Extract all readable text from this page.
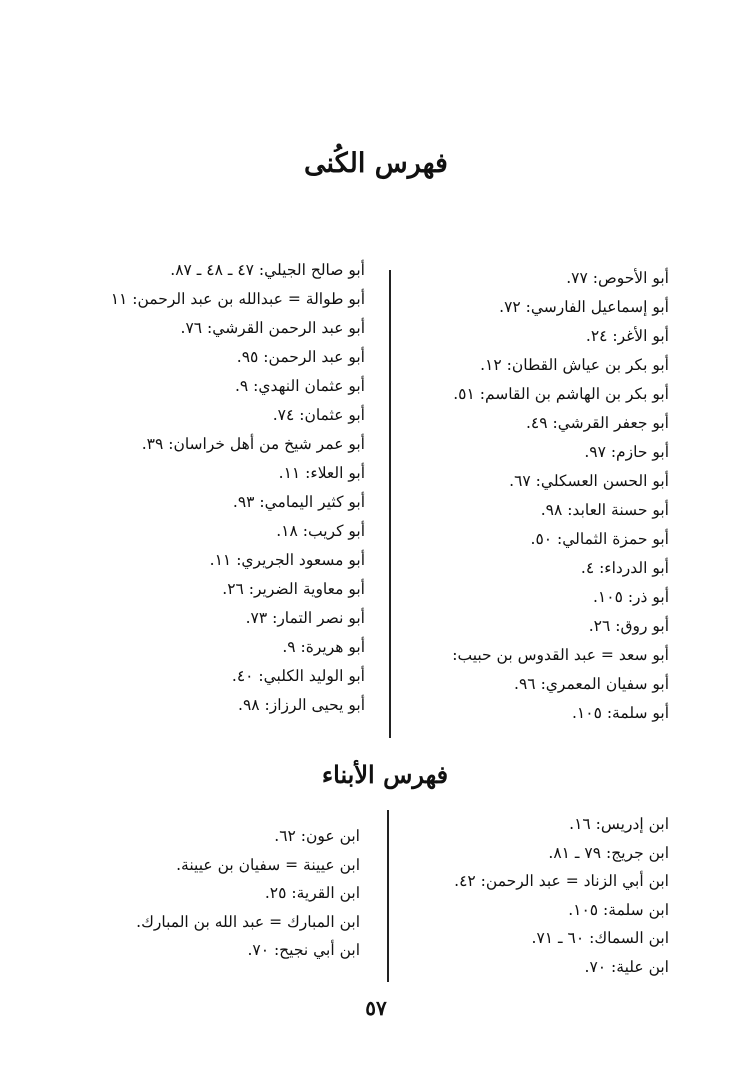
فهرس الكُنى
أبو الأحوص: ٧٧.
أبو إسماعيل الفارسي: ٧٢.
أبو الأغر: ٢٤.
أبو بكر بن عياش القطان: ١٢.
أبو بكر بن الهاشم بن القاسم: ٥١.
أبو جعفر القرشي: ٤٩.
أبو حازم: ٩٧.
أبو الحسن العسكلي: ٦٧.
أبو حسنة العابد: ٩٨.
أبو حمزة الثمالي: ٥٠.
أبو الدرداء: ٤.
أبو ذر: ١٠٥.
أبو روق: ٢٦.
أبو سعد = عبد القدوس بن حبيب:
أبو سفيان المعمري: ٩٦.
أبو سلمة: ١٠٥.
أبو صالح الجيلي: ٤٧ ـ ٤٨ ـ ٨٧.
أبو طوالة = عبدالله بن عبد الرحمن: ١١
أبو عبد الرحمن القرشي: ٧٦.
أبو عبد الرحمن: ٩٥.
أبو عثمان النهدي: ٩.
أبو عثمان: ٧٤.
أبو عمر شيخ من أهل خراسان: ٣٩.
أبو العلاء: ١١.
أبو كثير اليمامي: ٩٣.
أبو كريب: ١٨.
أبو مسعود الجريري: ١١.
أبو معاوية الضرير: ٢٦.
أبو نصر التمار: ٧٣.
أبو هريرة: ٩.
أبو الوليد الكلبي: ٤٠.
أبو يحيى الرزاز: ٩٨.
فهرس الأبناء
ابن إدريس: ١٦.
ابن جريج: ٧٩ ـ ٨١.
ابن أبي الزناد = عبد الرحمن: ٤٢.
ابن سلمة: ١٠٥.
ابن السماك: ٦٠ ـ ٧١.
ابن علية: ٧٠.
ابن عون: ٦٢.
ابن عيينة = سفيان بن عيينة.
ابن القرية: ٢٥.
ابن المبارك = عبد الله بن المبارك.
ابن أبي نجيح: ٧٠.
٥٧
